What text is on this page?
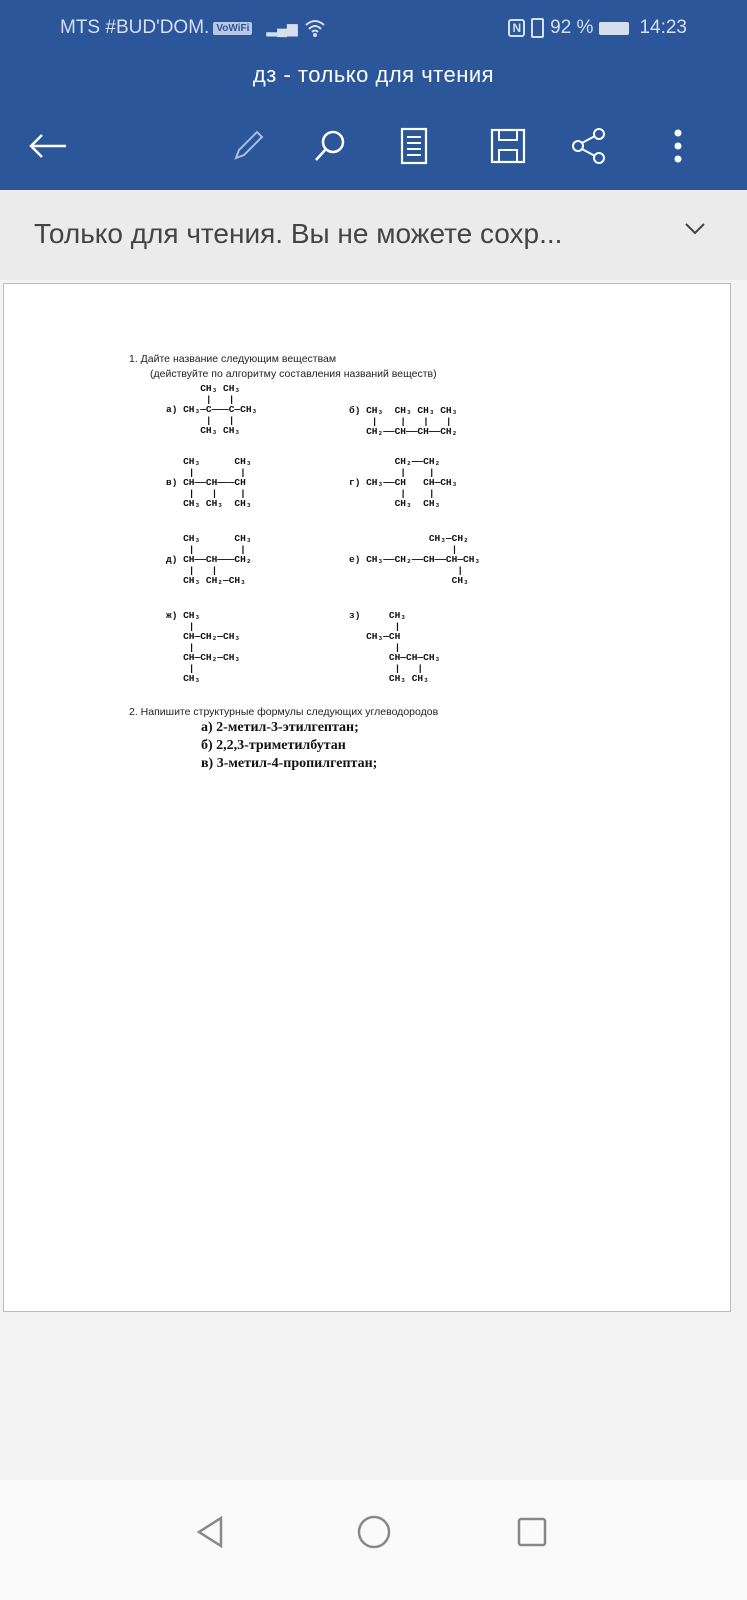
MTS #BUD'DOM. VoWiFi ▂▄▆	N 92 % 14:23
дз - только для чтения
Только для чтения. Вы не можете сохр...
1. Дайте название следующим веществам
(действуйте по алгоритму составления названий веществ)
CH₃ CH₃
|   |
а) CH₃—C———C—CH₃
|   |
CH₃ CH₃
б) CH₃  CH₃ CH₃ CH₃
|    |   |   |
CH₂——CH——CH——CH₂
CH₃      CH₃
|        |
в) CH——CH———CH
|   |    |
CH₃ CH₃  CH₃
CH₂——CH₂
|    |
г) CH₃——CH   CH—CH₃
|    |
CH₃  CH₃
CH₃      CH₃
|        |
д) CH——CH———CH₂
|   |
CH₃ CH₂—CH₃
CH₃—CH₂
|
е) CH₃——CH₂——CH——CH—CH₃
|
CH₃
ж) CH₃
|
CH—CH₂—CH₃
|
CH—CH₂—CH₃
|
CH₃
з)     CH₃
|
CH₃—CH
|
CH—CH—CH₃
|   |
CH₃ CH₃
2. Напишите структурные формулы следующих углеводородов
а) 2-метил-3-этилгептан;
б) 2,2,3-триметилбутан
в) 3-метил-4-пропилгептан;
